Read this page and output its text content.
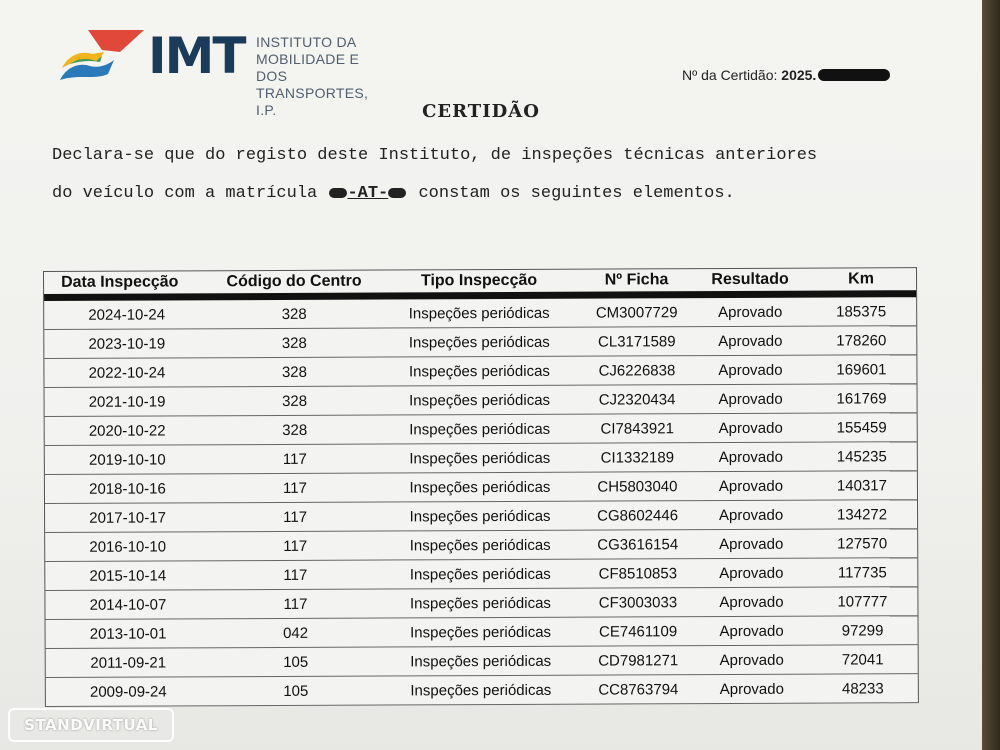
IMT INSTITUTO DA
MOBILIDADE E DOS
TRANSPORTES, I.P.
Nº da Certidão: 2025.
CERTIDÃO
Declara-se que do registo deste Instituto, de inspeções técnicas anteriores
do veículo com a matrícula -AT- constam os seguintes elementos.
Data Inspecção	Código do Centro	Tipo Inspecção	Nº Ficha	Resultado	Km
2024-10-24	328	Inspeções periódicas	CM3007729	Aprovado	185375
2023-10-19	328	Inspeções periódicas	CL3171589	Aprovado	178260
2022-10-24	328	Inspeções periódicas	CJ6226838	Aprovado	169601
2021-10-19	328	Inspeções periódicas	CJ2320434	Aprovado	161769
2020-10-22	328	Inspeções periódicas	CI7843921	Aprovado	155459
2019-10-10	117	Inspeções periódicas	CI1332189	Aprovado	145235
2018-10-16	117	Inspeções periódicas	CH5803040	Aprovado	140317
2017-10-17	117	Inspeções periódicas	CG8602446	Aprovado	134272
2016-10-10	117	Inspeções periódicas	CG3616154	Aprovado	127570
2015-10-14	117	Inspeções periódicas	CF8510853	Aprovado	117735
2014-10-07	117	Inspeções periódicas	CF3003033	Aprovado	107777
2013-10-01	042	Inspeções periódicas	CE7461109	Aprovado	97299
2011-09-21	105	Inspeções periódicas	CD7981271	Aprovado	72041
2009-09-24	105	Inspeções periódicas	CC8763794	Aprovado	48233
STANDVIRTUAL
